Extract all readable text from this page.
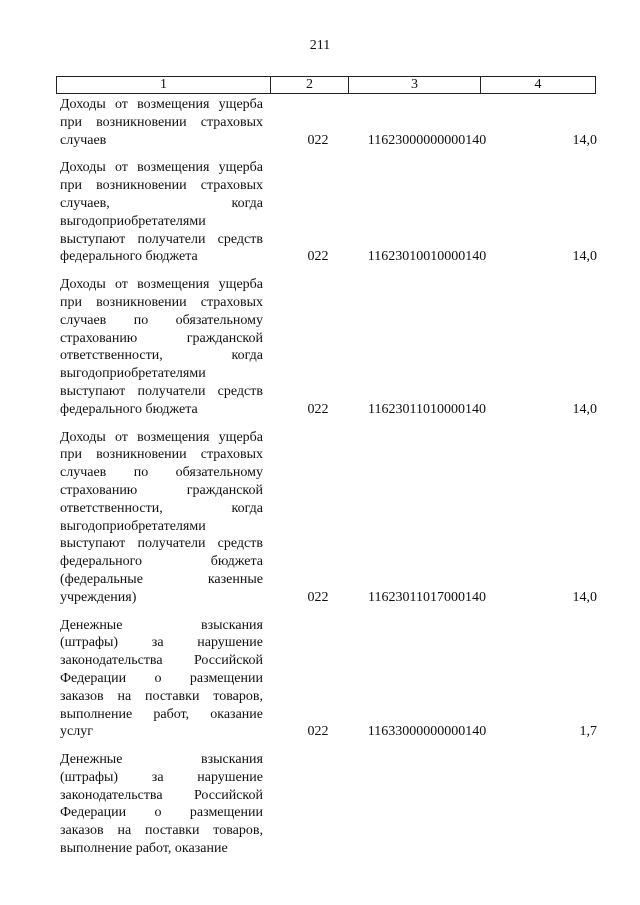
211
1	2	3	4
Доходы от возмещения ущерба
при возникновении страховых
случаев	022	11623000000000140	14,0
Доходы от возмещения ущерба
при возникновении страховых
случаев, когда
выгодоприобретателями
выступают получатели средств
федерального бюджета	022	11623010010000140	14,0
Доходы от возмещения ущерба
при возникновении страховых
случаев по обязательному
страхованию гражданской
ответственности, когда
выгодоприобретателями
выступают получатели средств
федерального бюджета	022	11623011010000140	14,0
Доходы от возмещения ущерба
при возникновении страховых
случаев по обязательному
страхованию гражданской
ответственности, когда
выгодоприобретателями
выступают получатели средств
федерального бюджета
(федеральные казенные
учреждения)	022	11623011017000140	14,0
Денежные взыскания
(штрафы) за нарушение
законодательства Российской
Федерации о размещении
заказов на поставки товаров,
выполнение работ, оказание
услуг	022	11633000000000140	1,7
Денежные взыскания
(штрафы) за нарушение
законодательства Российской
Федерации о размещении
заказов на поставки товаров,
выполнение работ, оказание
